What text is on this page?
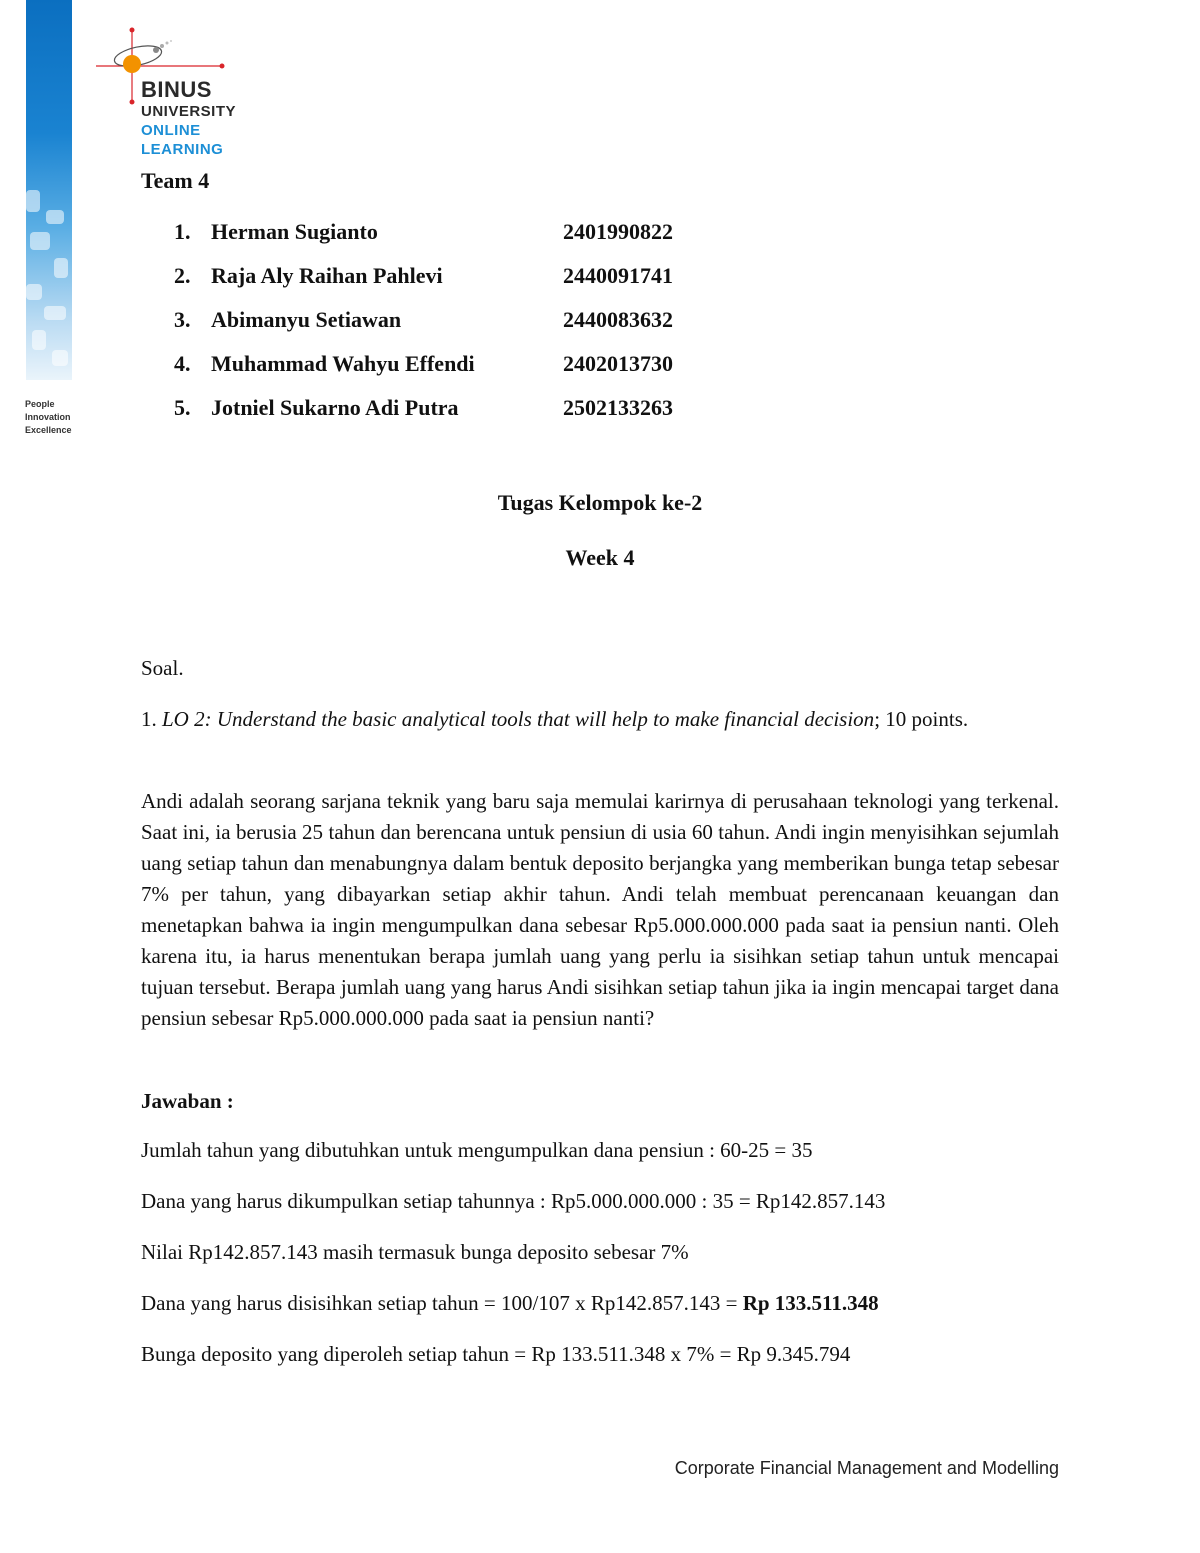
People
Innovation
Excellence
BINUS
UNIVERSITY
ONLINE
LEARNING
Team 4
1. Herman Sugianto	2401990822
2. Raja Aly Raihan Pahlevi	2440091741
3. Abimanyu Setiawan	2440083632
4. Muhammad Wahyu Effendi	2402013730
5. Jotniel Sukarno Adi Putra	2502133263
Tugas Kelompok ke-2
Week 4
Soal.
1. LO 2: Understand the basic analytical tools that will help to make financial decision; 10 points.
Andi adalah seorang sarjana teknik yang baru saja memulai karirnya di perusahaan teknologi yang terkenal. Saat ini, ia berusia 25 tahun dan berencana untuk pensiun di usia 60 tahun. Andi ingin menyisihkan sejumlah uang setiap tahun dan menabungnya dalam bentuk deposito berjangka yang memberikan bunga tetap sebesar 7% per tahun, yang dibayarkan setiap akhir tahun. Andi telah membuat perencanaan keuangan dan menetapkan bahwa ia ingin mengumpulkan dana sebesar Rp5.000.000.000 pada saat ia pensiun nanti. Oleh karena itu, ia harus menentukan berapa jumlah uang yang perlu ia sisihkan setiap tahun untuk mencapai tujuan tersebut. Berapa jumlah uang yang harus Andi sisihkan setiap tahun jika ia ingin mencapai target dana pensiun sebesar Rp5.000.000.000 pada saat ia pensiun nanti?
Jawaban :
Jumlah tahun yang dibutuhkan untuk mengumpulkan dana pensiun : 60-25 = 35
Dana yang harus dikumpulkan setiap tahunnya : Rp5.000.000.000 : 35 = Rp142.857.143
Nilai Rp142.857.143 masih termasuk bunga deposito sebesar 7%
Dana yang harus disisihkan setiap tahun = 100/107 x Rp142.857.143 = Rp 133.511.348
Bunga deposito yang diperoleh setiap tahun = Rp 133.511.348 x 7% = Rp 9.345.794
Corporate Financial Management and Modelling
